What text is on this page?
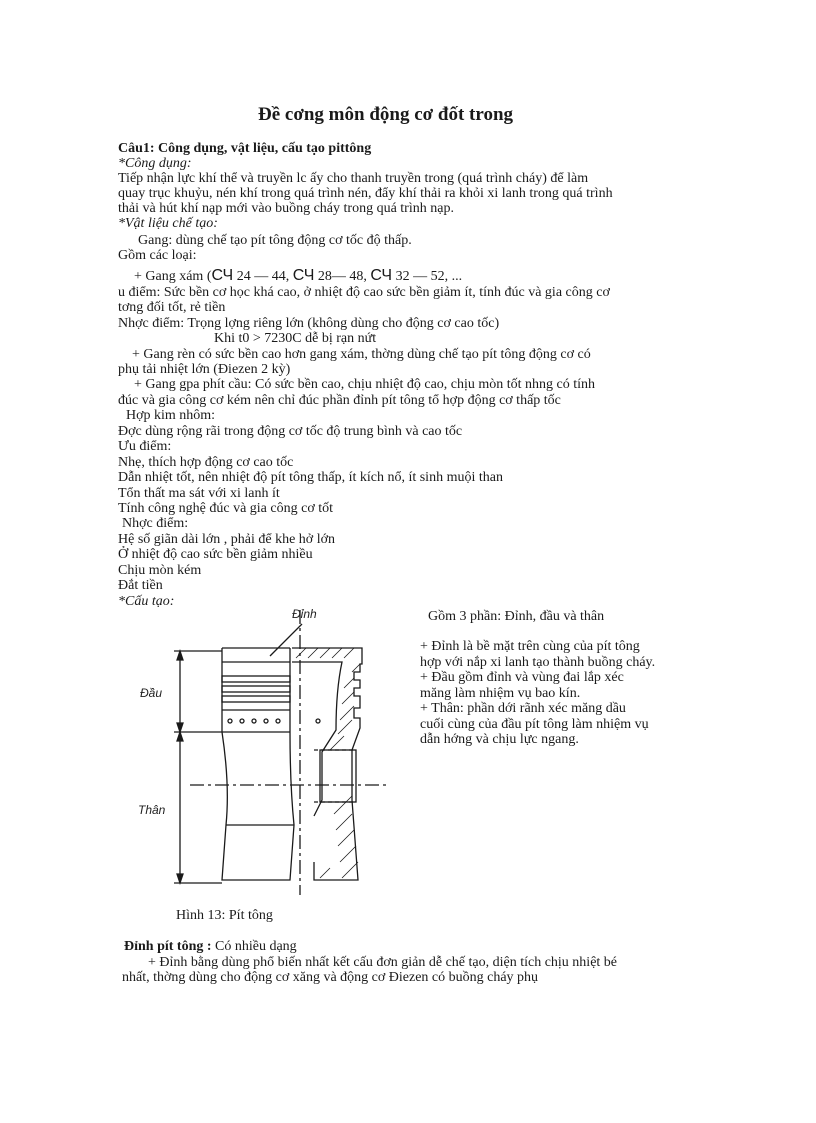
Đề cơng môn động cơ đốt trong
Câu1: Công dụng, vật liệu, cấu tạo pittông
*Công dụng:
Tiếp nhận lực khí thể và truyền lc ấy cho thanh truyền trong (quá trình cháy) để làm
quay trục khuỷu, nén khí trong quá trình nén, đẩy khí thải ra khỏi xi lanh trong quá trình
thải và hút khí nạp mới vào buồng cháy trong quá trình nạp.
*Vật liệu chế tạo:
Gang: dùng chế tạo pít tông động cơ tốc độ thấp.
Gồm các loại:
+ Gang xám (СЧ 24 — 44, СЧ 28— 48, СЧ 32 — 52, ...
u điểm: Sức bền cơ học khá cao, ở nhiệt độ cao sức bền giảm ít, tính đúc và gia công cơ
tơng đối tốt, rẻ tiền
Nhợc điểm: Trọng lợng riêng lớn (không dùng cho động cơ cao tốc)
Khi t0 > 7230C dễ bị rạn nứt
+ Gang rèn có sức bền cao hơn gang xám, thờng dùng chế tạo pít tông động cơ có
phụ tải nhiệt lớn (Điezen 2 kỳ)
+ Gang gpa phít cầu: Có sức bền cao, chịu nhiệt độ cao, chịu mòn tốt nhng có tính
đúc và gia công cơ kém nên chỉ đúc phần đỉnh pít tông tổ hợp động cơ thấp tốc
Hợp kim nhôm:
Đợc dùng rộng rãi trong động cơ tốc độ trung bình và cao tốc
Ưu điểm:
Nhẹ, thích hợp động cơ cao tốc
Dẫn nhiệt tốt, nên nhiệt độ pít tông thấp, ít kích nổ, ít sinh muội than
Tổn thất ma sát với xi lanh ít
Tính công nghệ đúc và gia công cơ tốt
Nhợc điểm:
Hệ số giãn dài lớn , phải để khe hở lớn
Ở nhiệt độ cao sức bền giảm nhiều
Chịu mòn kém
Đắt tiền
*Cấu tạo:
Đỉnh
Đầu
Thân
Hình 13: Pít tông
Gồm 3 phần: Đỉnh, đầu và thân
+ Đỉnh là bề mặt trên cùng của pít tông
hợp với nắp xi lanh tạo thành buồng cháy.
+ Đầu gồm đỉnh và vùng đai lắp xéc
măng làm nhiệm vụ bao kín.
+ Thân: phần dới rãnh xéc măng dầu
cuối cùng của đầu pít tông làm nhiệm vụ
dẫn hớng và chịu lực ngang.
Đỉnh pít tông : Có nhiều dạng
+ Đỉnh bằng dùng phổ biến nhất kết cấu đơn giản dễ chế tạo, diện tích chịu nhiệt bé
nhất, thờng dùng cho động cơ xăng và động cơ Điezen có buồng cháy phụ
